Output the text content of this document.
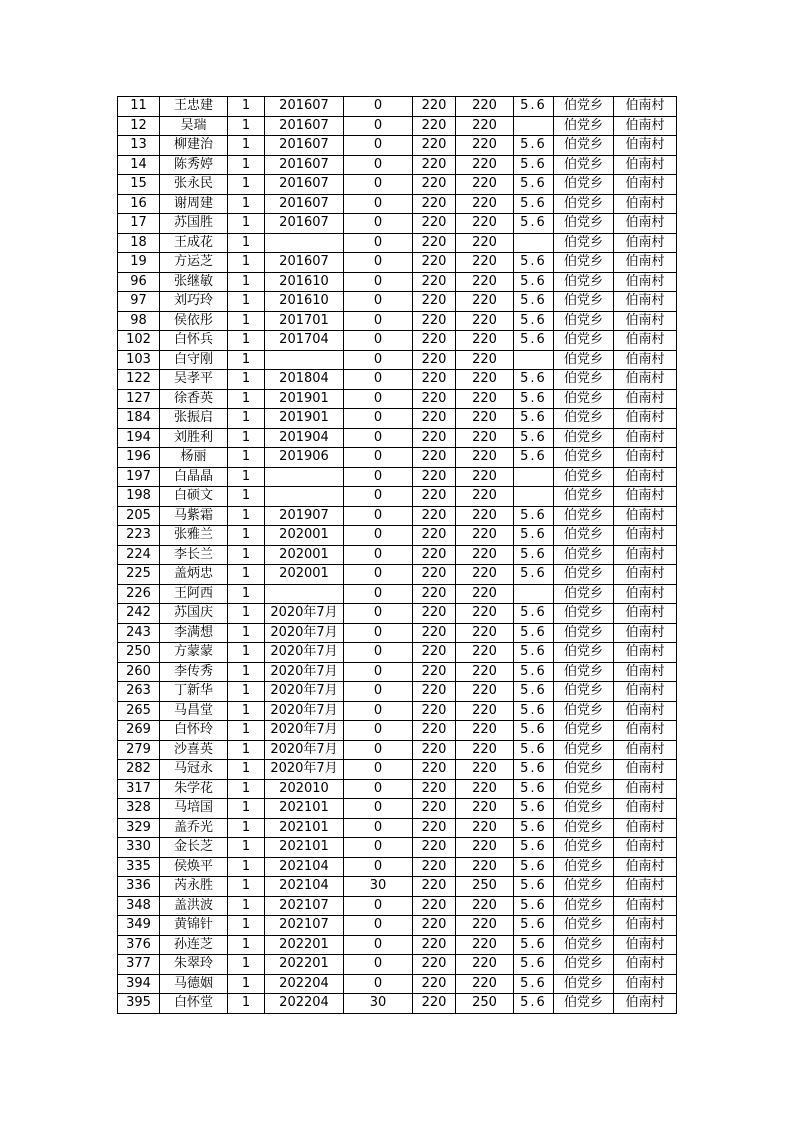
11	王忠建	1	201607	0	220	220	5.6	伯党乡	伯南村
12	吴瑞	1	201607	0	220	220		伯党乡	伯南村
13	柳建治	1	201607	0	220	220	5.6	伯党乡	伯南村
14	陈秀婷	1	201607	0	220	220	5.6	伯党乡	伯南村
15	张永民	1	201607	0	220	220	5.6	伯党乡	伯南村
16	谢周建	1	201607	0	220	220	5.6	伯党乡	伯南村
17	苏国胜	1	201607	0	220	220	5.6	伯党乡	伯南村
18	王成花	1		0	220	220		伯党乡	伯南村
19	方运芝	1	201607	0	220	220	5.6	伯党乡	伯南村
96	张继敏	1	201610	0	220	220	5.6	伯党乡	伯南村
97	刘巧玲	1	201610	0	220	220	5.6	伯党乡	伯南村
98	侯依彤	1	201701	0	220	220	5.6	伯党乡	伯南村
102	白怀兵	1	201704	0	220	220	5.6	伯党乡	伯南村
103	白守刚	1		0	220	220		伯党乡	伯南村
122	吴孝平	1	201804	0	220	220	5.6	伯党乡	伯南村
127	徐香英	1	201901	0	220	220	5.6	伯党乡	伯南村
184	张振启	1	201901	0	220	220	5.6	伯党乡	伯南村
194	刘胜利	1	201904	0	220	220	5.6	伯党乡	伯南村
196	杨丽	1	201906	0	220	220	5.6	伯党乡	伯南村
197	白晶晶	1		0	220	220		伯党乡	伯南村
198	白硕文	1		0	220	220		伯党乡	伯南村
205	马紫霜	1	201907	0	220	220	5.6	伯党乡	伯南村
223	张雅兰	1	202001	0	220	220	5.6	伯党乡	伯南村
224	李长兰	1	202001	0	220	220	5.6	伯党乡	伯南村
225	盖炳忠	1	202001	0	220	220	5.6	伯党乡	伯南村
226	王阿西	1		0	220	220		伯党乡	伯南村
242	苏国庆	1	2020年7月	0	220	220	5.6	伯党乡	伯南村
243	李满想	1	2020年7月	0	220	220	5.6	伯党乡	伯南村
250	方蒙蒙	1	2020年7月	0	220	220	5.6	伯党乡	伯南村
260	李传秀	1	2020年7月	0	220	220	5.6	伯党乡	伯南村
263	丁新华	1	2020年7月	0	220	220	5.6	伯党乡	伯南村
265	马昌堂	1	2020年7月	0	220	220	5.6	伯党乡	伯南村
269	白怀玲	1	2020年7月	0	220	220	5.6	伯党乡	伯南村
279	沙喜英	1	2020年7月	0	220	220	5.6	伯党乡	伯南村
282	马冠永	1	2020年7月	0	220	220	5.6	伯党乡	伯南村
317	朱学花	1	202010	0	220	220	5.6	伯党乡	伯南村
328	马培国	1	202101	0	220	220	5.6	伯党乡	伯南村
329	盖乔光	1	202101	0	220	220	5.6	伯党乡	伯南村
330	金长芝	1	202101	0	220	220	5.6	伯党乡	伯南村
335	侯焕平	1	202104	0	220	220	5.6	伯党乡	伯南村
336	芮永胜	1	202104	30	220	250	5.6	伯党乡	伯南村
348	盖洪波	1	202107	0	220	220	5.6	伯党乡	伯南村
349	黄锦针	1	202107	0	220	220	5.6	伯党乡	伯南村
376	孙连芝	1	202201	0	220	220	5.6	伯党乡	伯南村
377	朱翠玲	1	202201	0	220	220	5.6	伯党乡	伯南村
394	马德姻	1	202204	0	220	220	5.6	伯党乡	伯南村
395	白怀堂	1	202204	30	220	250	5.6	伯党乡	伯南村
